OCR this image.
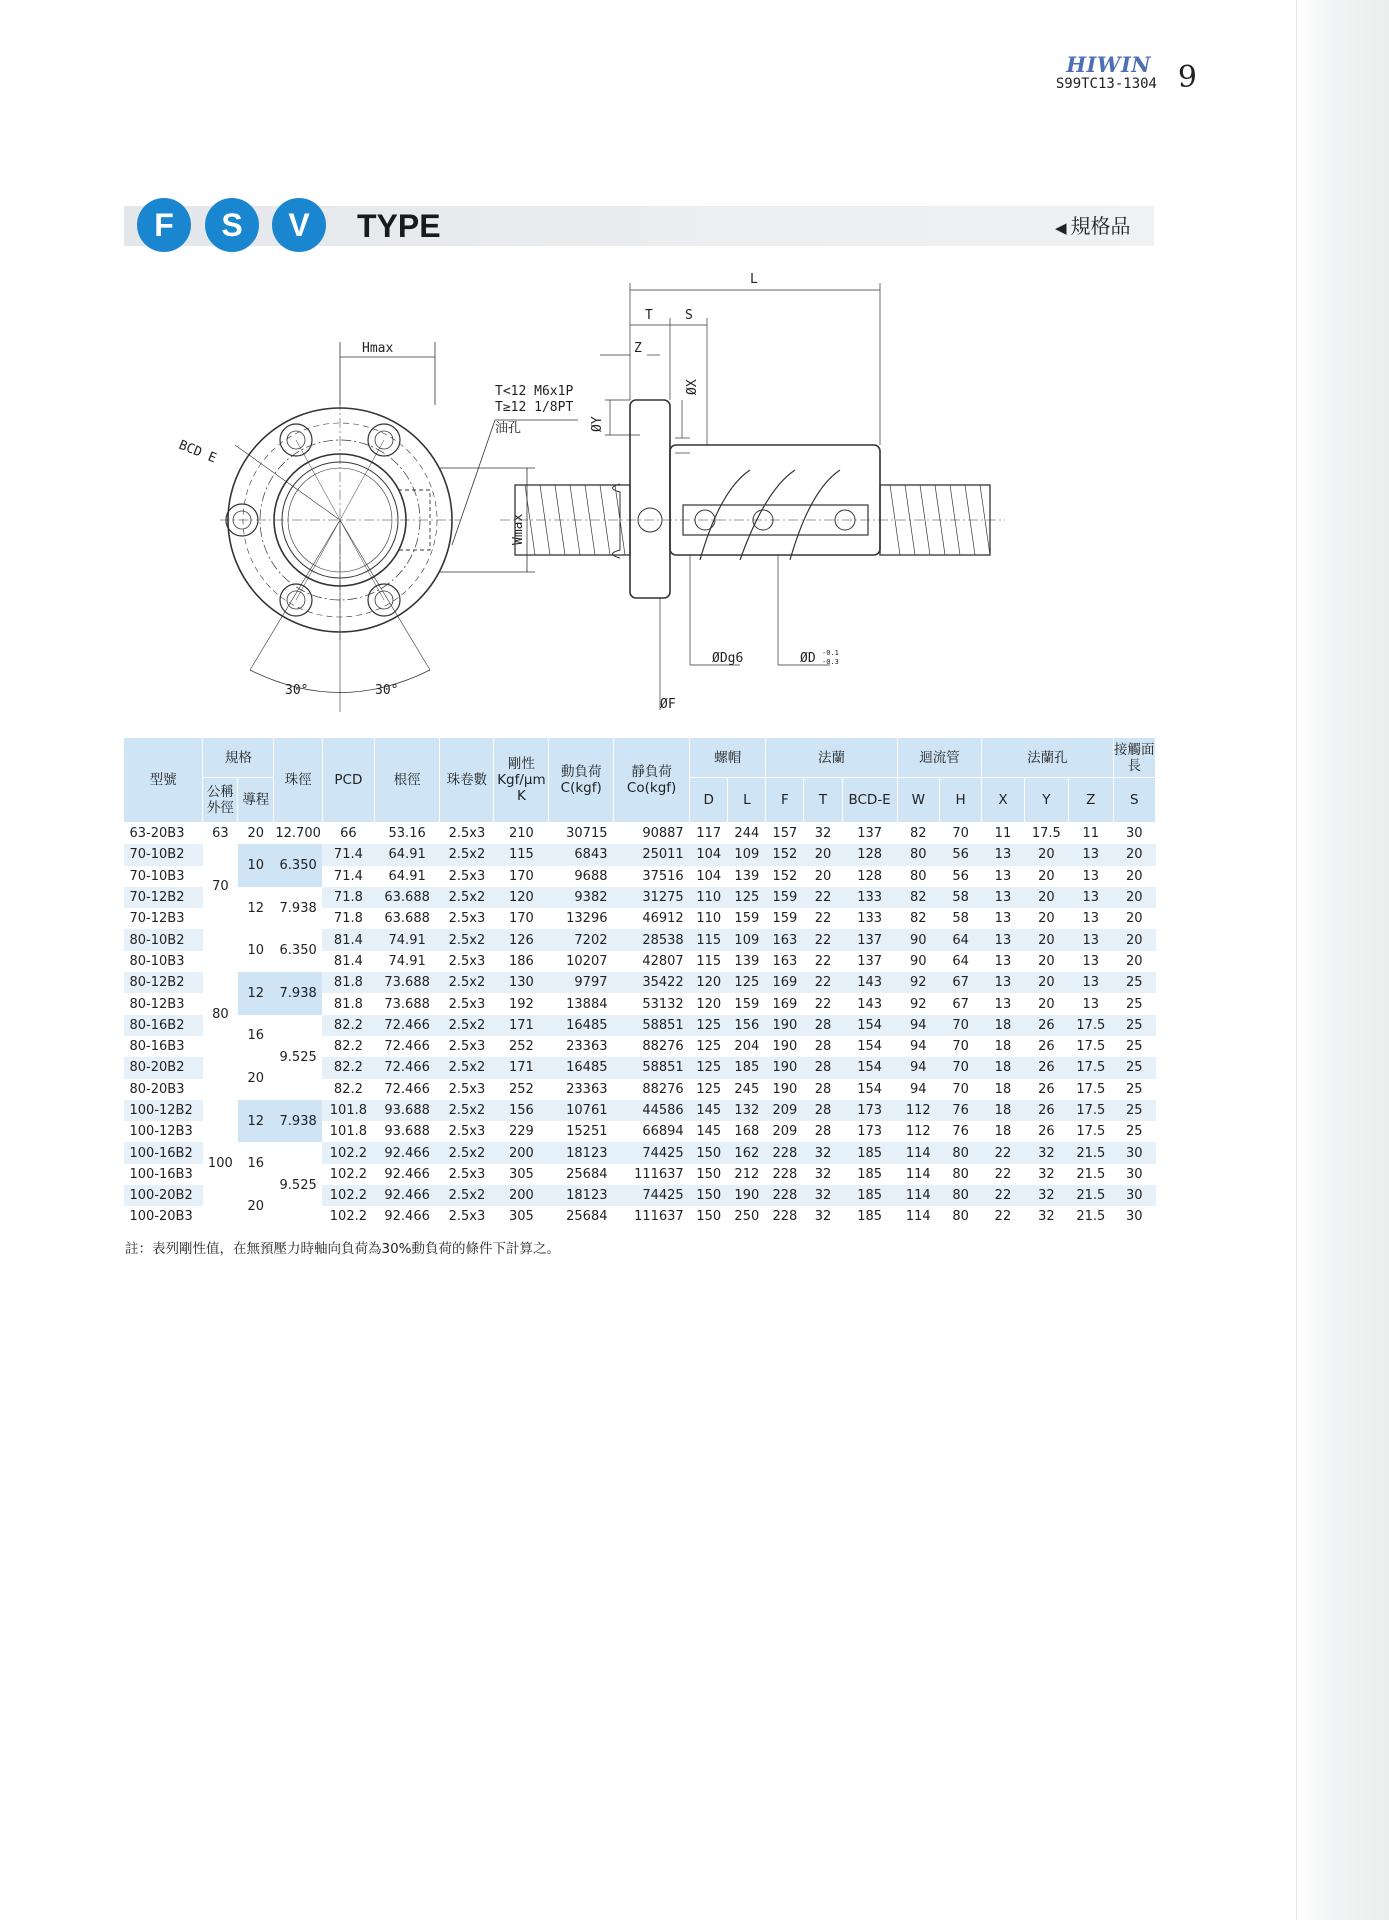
HIWIN
S99TC13-1304 9
F	S	V	TYPE	◀ 規格品
Hmax
BCD E
T<12 M6x1P
T≥12 1/8PT
油孔
Wmax
30°	30°
L
T S
Z
ØX
ØY
ØDg6	ØD -0.1
-0.3
ØF
型號	規格		珠徑	PCD	根徑	珠卷數	剛性 Kgf/μm K	動負荷 C(kgf)	靜負荷 Co(kgf)	螺帽		法蘭			迴流管		法蘭孔			接觸面長
	公稱外徑	導程								D	L	F	T	BCD-E	W	H	X	Y	Z	S
63-20B3	63	20	12.700	66	53.16	2.5x3	210	30715	90887	117	244	157	32	137	82	70	11	17.5	11	30
70-10B2	70	10	6.350	71.4	64.91	2.5x2	115	6843	25011	104	109	152	20	128	80	56	13	20	13	20
70-10B3				71.4	64.91	2.5x3	170	9688	37516	104	139	152	20	128	80	56	13	20	13	20
70-12B2		12	7.938	71.8	63.688	2.5x2	120	9382	31275	110	125	159	22	133	82	58	13	20	13	20
70-12B3				71.8	63.688	2.5x3	170	13296	46912	110	159	159	22	133	82	58	13	20	13	20
80-10B2	80	10	6.350	81.4	74.91	2.5x2	126	7202	28538	115	109	163	22	137	90	64	13	20	13	20
80-10B3				81.4	74.91	2.5x3	186	10207	42807	115	139	163	22	137	90	64	13	20	13	20
80-12B2		12	7.938	81.8	73.688	2.5x2	130	9797	35422	120	125	169	22	143	92	67	13	20	13	25
80-12B3				81.8	73.688	2.5x3	192	13884	53132	120	159	169	22	143	92	67	13	20	13	25
80-16B2		16	9.525	82.2	72.466	2.5x2	171	16485	58851	125	156	190	28	154	94	70	18	26	17.5	25
80-16B3				82.2	72.466	2.5x3	252	23363	88276	125	204	190	28	154	94	70	18	26	17.5	25
80-20B2		20		82.2	72.466	2.5x2	171	16485	58851	125	185	190	28	154	94	70	18	26	17.5	25
80-20B3				82.2	72.466	2.5x3	252	23363	88276	125	245	190	28	154	94	70	18	26	17.5	25
100-12B2	100	12	7.938	101.8	93.688	2.5x2	156	10761	44586	145	132	209	28	173	112	76	18	26	17.5	25
100-12B3				101.8	93.688	2.5x3	229	15251	66894	145	168	209	28	173	112	76	18	26	17.5	25
100-16B2		16	9.525	102.2	92.466	2.5x2	200	18123	74425	150	162	228	32	185	114	80	22	32	21.5	30
100-16B3				102.2	92.466	2.5x3	305	25684	111637	150	212	228	32	185	114	80	22	32	21.5	30
100-20B2		20		102.2	92.466	2.5x2	200	18123	74425	150	190	228	32	185	114	80	22	32	21.5	30
100-20B3				102.2	92.466	2.5x3	305	25684	111637	150	250	228	32	185	114	80	22	32	21.5	30
註：表列剛性值，在無預壓力時軸向負荷為30%動負荷的條件下計算之。
